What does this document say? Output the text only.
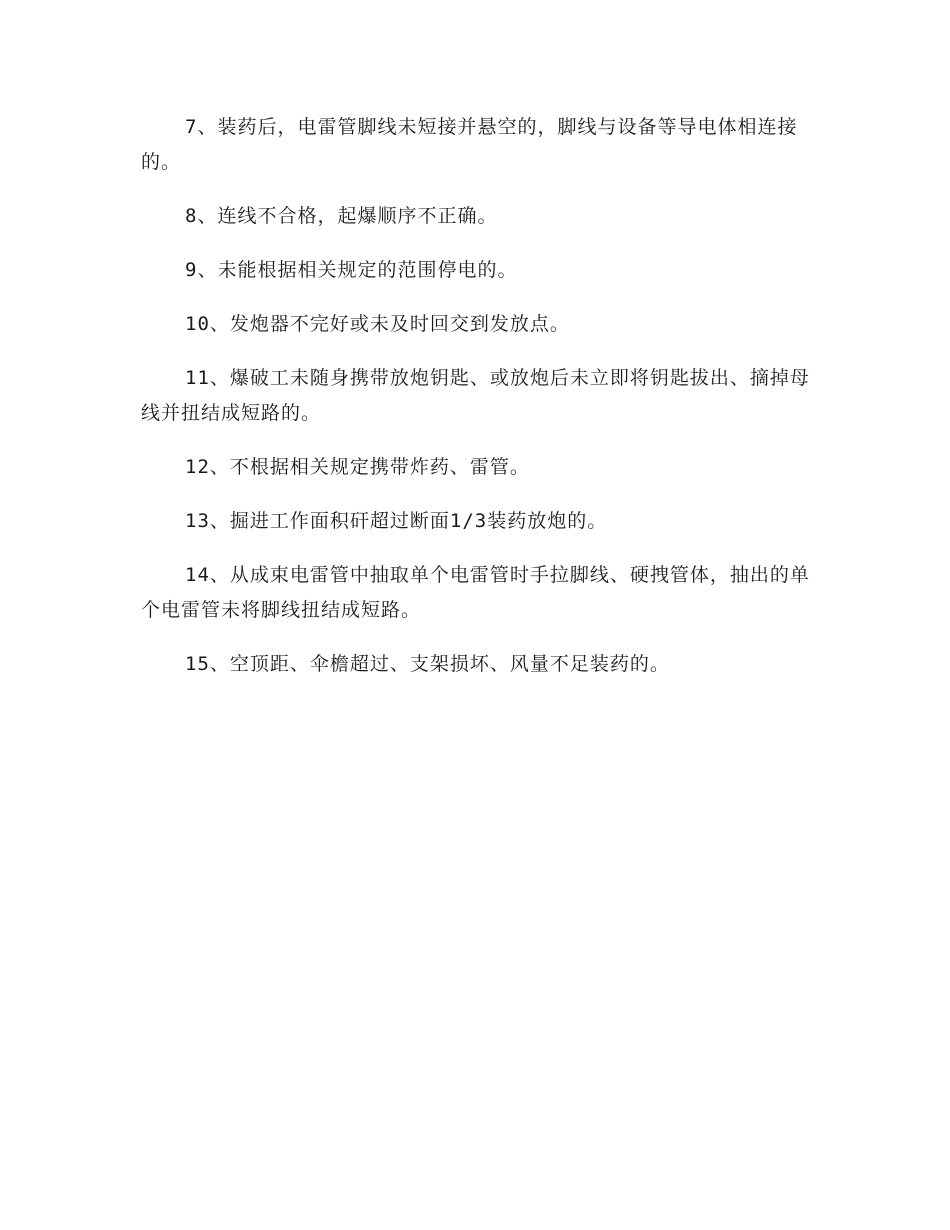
7、装药后，电雷管脚线未短接并悬空的，脚线与设备等导电体相连接的。

8、连线不合格，起爆顺序不正确。

9、未能根据相关规定的范围停电的。

10、发炮器不完好或未及时回交到发放点。

11、爆破工未随身携带放炮钥匙、或放炮后未立即将钥匙拔出、摘掉母线并扭结成短路的。

12、不根据相关规定携带炸药、雷管。

13、掘进工作面积矸超过断面1/3装药放炮的。

14、从成束电雷管中抽取单个电雷管时手拉脚线、硬拽管体，抽出的单个电雷管未将脚线扭结成短路。

15、空顶距、伞檐超过、支架损坏、风量不足装药的。
